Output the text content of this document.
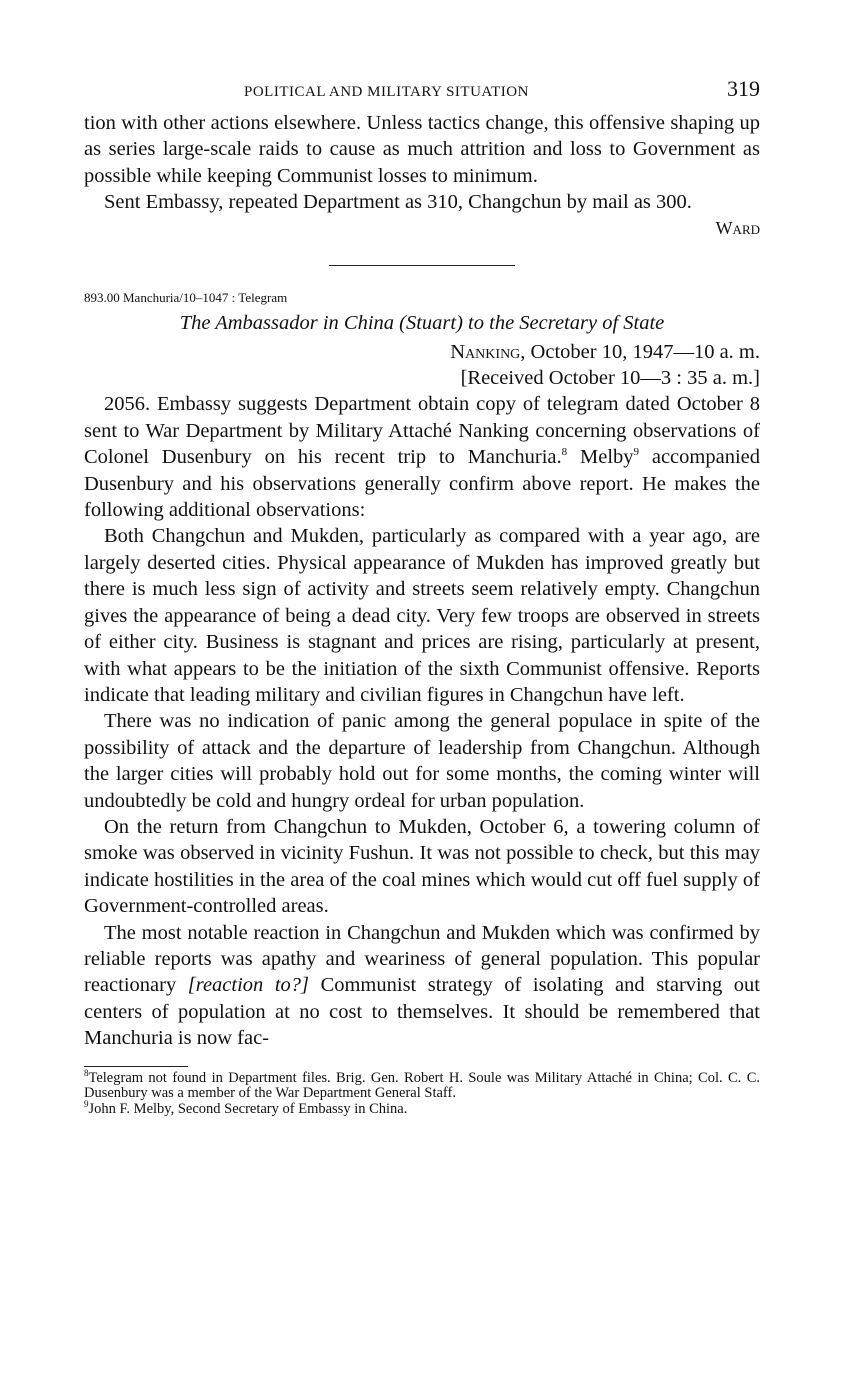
POLITICAL AND MILITARY SITUATION	319

tion with other actions elsewhere. Unless tactics change, this offensive shaping up as series large-scale raids to cause as much attrition and loss to Government as possible while keeping Communist losses to minimum.

Sent Embassy, repeated Department as 310, Changchun by mail as 300.

Ward
893.00 Manchuria/10–1047 : Telegram
The Ambassador in China (Stuart) to the Secretary of State
Nanking, October 10, 1947—10 a. m.
[Received October 10—3 : 35 a. m.]

2056. Embassy suggests Department obtain copy of telegram dated October 8 sent to War Department by Military Attaché Nanking concerning observations of Colonel Dusenbury on his recent trip to Manchuria.$^8$ Melby$^9$ accompanied Dusenbury and his observations generally confirm above report. He makes the following additional observations:

Both Changchun and Mukden, particularly as compared with a year ago, are largely deserted cities. Physical appearance of Mukden has improved greatly but there is much less sign of activity and streets seem relatively empty. Changchun gives the appearance of being a dead city. Very few troops are observed in streets of either city. Business is stagnant and prices are rising, particularly at present, with what appears to be the initiation of the sixth Communist offensive. Reports indicate that leading military and civilian figures in Changchun have left.

There was no indication of panic among the general populace in spite of the possibility of attack and the departure of leadership from Changchun. Although the larger cities will probably hold out for some months, the coming winter will undoubtedly be cold and hungry ordeal for urban population.

On the return from Changchun to Mukden, October 6, a towering column of smoke was observed in vicinity Fushun. It was not possible to check, but this may indicate hostilities in the area of the coal mines which would cut off fuel supply of Government-controlled areas.

The most notable reaction in Changchun and Mukden which was confirmed by reliable reports was apathy and weariness of general population. This popular reactionary [reaction to?] Communist strategy of isolating and starving out centers of population at no cost to themselves. It should be remembered that Manchuria is now fac-

$^8$Telegram not found in Department files. Brig. Gen. Robert H. Soule was Military Attaché in China; Col. C. C. Dusenbury was a member of the War Department General Staff.

$^9$John F. Melby, Second Secretary of Embassy in China.
